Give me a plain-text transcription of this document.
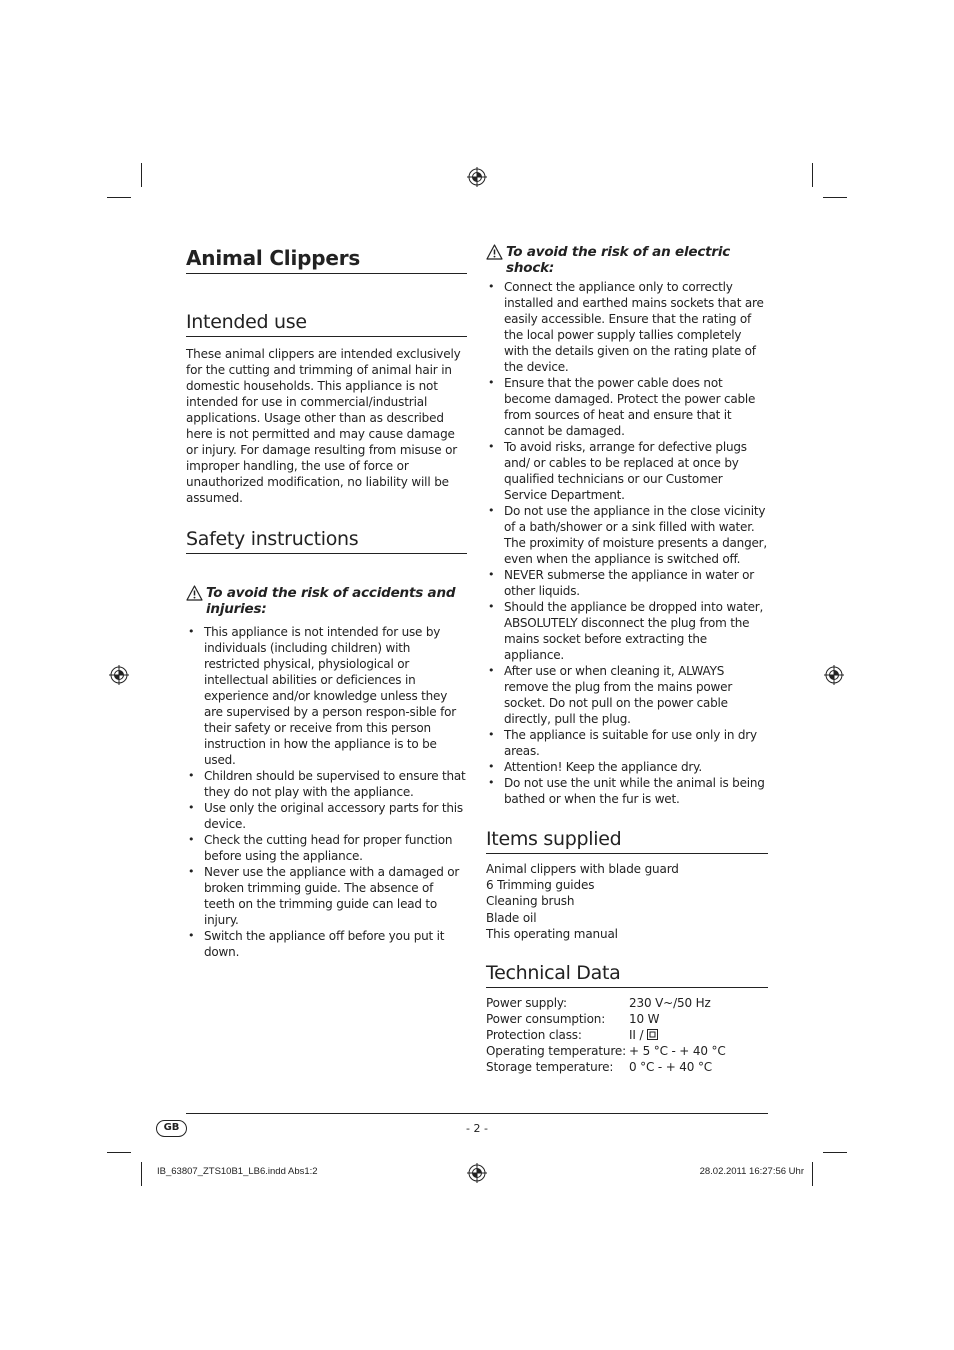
Animal Clippers
Intended use

These animal clippers are intended exclusively for the cutting and trimming of animal hair in domestic households. This appliance is not intended for use in commercial/industrial applications. Usage other than as described here is not permitted and may cause damage or injury. For damage resulting from misuse or improper handling, the use of force or unauthorized modification, no liability will be assumed.

Safety instructions
To avoid the risk of accidents and injuries:
• This appliance is not intended for use by individuals (including children) with restricted physical, physiological or intellectual abilities or deficiences in experience and/or knowledge unless they are supervised by a person respon-sible for their safety or receive from this person instruction in how the appliance is to be used.
• Children should be supervised to ensure that they do not play with the appliance.
• Use only the original accessory parts for this device.
• Check the cutting head for proper function before using the appliance.
• Never use the appliance with a damaged or broken trimming guide. The absence of teeth on the trimming guide can lead to injury.
• Switch the appliance off before you put it down.
To avoid the risk of an electric shock:
• Connect the appliance only to correctly installed and earthed mains sockets that are easily accessible. Ensure that the rating of the local power supply tallies completely with the details given on the rating plate of the device.
• Ensure that the power cable does not become damaged. Protect the power cable from sources of heat and ensure that it cannot be damaged.
• To avoid risks, arrange for defective plugs and/ or cables to be replaced at once by qualified technicians or our Customer Service Department.
• Do not use the appliance in the close vicinity of a bath/shower or a sink filled with water. The proximity of moisture presents a danger, even when the appliance is switched off.
• NEVER submerse the appliance in water or other liquids.
• Should the appliance be dropped into water, ABSOLUTELY disconnect the plug from the mains socket before extracting the appliance.
• After use or when cleaning it, ALWAYS remove the plug from the mains power socket. Do not pull on the power cable directly, pull the plug.
• The appliance is suitable for use only in dry areas.
• Attention! Keep the appliance dry.
• Do not use the unit while the animal is being bathed or when the fur is wet.
Items supplied
Animal clippers with blade guard
6 Trimming guides
Cleaning brush
Blade oil
This operating manual
Technical Data
Power supply:	230 V~/50 Hz
Power consumption:	10 W
Protection class:	II /
Operating temperature:	+ 5 °C - + 40 °C
Storage temperature:	0 °C - + 40 °C
GB	- 2 -
IB_63807_ZTS10B1_LB6.indd Abs1:2	28.02.2011 16:27:56 Uhr
